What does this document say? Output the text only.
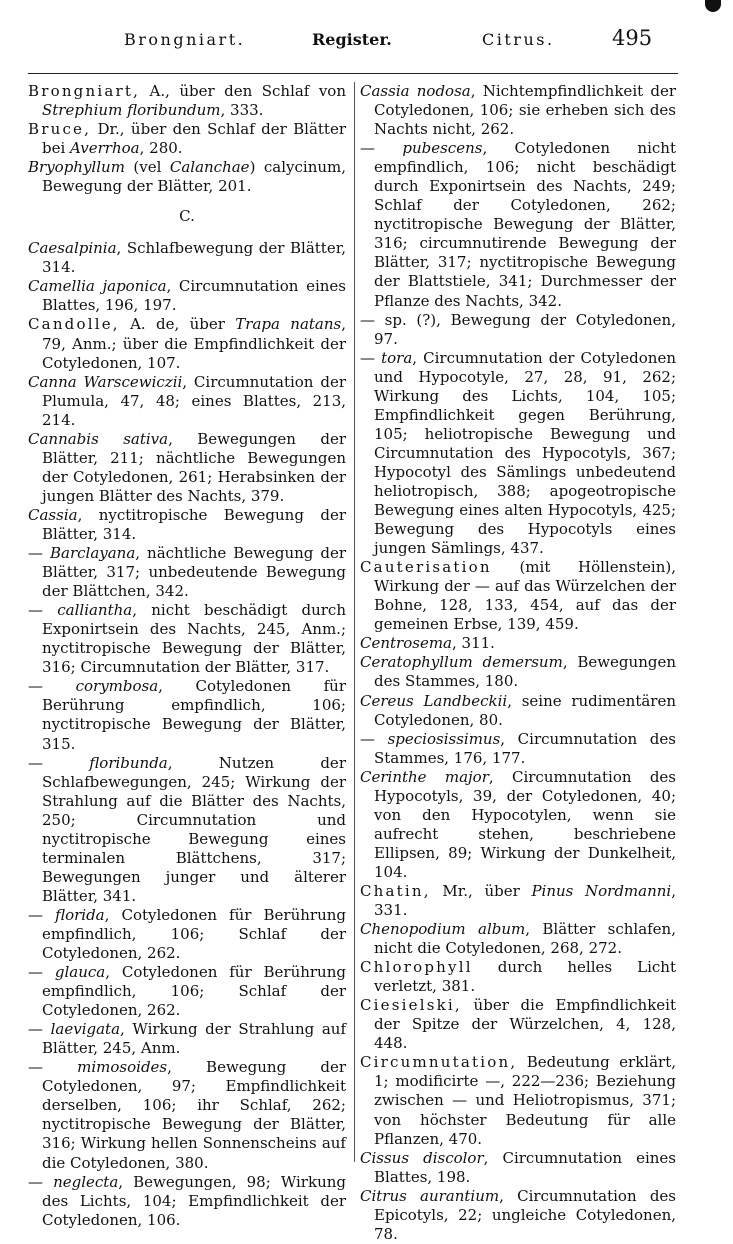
Brongniart.	Register.	Citrus.	495

Brongniart, A., über den Schlaf von Strephium floribundum, 333.

Bruce, Dr., über den Schlaf der Blätter bei Averrhoa, 280.

Bryophyllum (vel Calanchae) calycinum, Bewegung der Blätter, 201.

C.

Caesalpinia, Schlafbewegung der Blätter, 314.

Camellia japonica, Circumnutation eines Blattes, 196, 197.

Candolle, A. de, über Trapa natans, 79, Anm.; über die Empfindlichkeit der Cotyledonen, 107.

Canna Warscewiczii, Circumnutation der Plumula, 47, 48; eines Blattes, 213, 214.

Cannabis sativa, Bewegungen der Blätter, 211; nächtliche Bewegungen der Cotyledonen, 261; Herabsinken der jungen Blätter des Nachts, 379.

Cassia, nyctitropische Bewegung der Blätter, 314.

— Barclayana, nächtliche Bewegung der Blätter, 317; unbedeutende Bewegung der Blättchen, 342.

— calliantha, nicht beschädigt durch Exponirtsein des Nachts, 245, Anm.; nyctitropische Bewegung der Blätter, 316; Circumnutation der Blätter, 317.

— corymbosa, Cotyledonen für Berührung empfindlich, 106; nyctitropische Bewegung der Blätter, 315.

— floribunda, Nutzen der Schlafbewegungen, 245; Wirkung der Strahlung auf die Blätter des Nachts, 250; Circumnutation und nyctitropische Bewegung eines terminalen Blättchens, 317; Bewegungen junger und älterer Blätter, 341.

— florida, Cotyledonen für Berührung empfindlich, 106; Schlaf der Cotyledonen, 262.

— glauca, Cotyledonen für Berührung empfindlich, 106; Schlaf der Cotyledonen, 262.

— laevigata, Wirkung der Strahlung auf Blätter, 245, Anm.

— mimosoides, Bewegung der Cotyledonen, 97; Empfindlichkeit derselben, 106; ihr Schlaf, 262; nyctitropische Bewegung der Blätter, 316; Wirkung hellen Sonnenscheins auf die Cotyledonen, 380.

— neglecta, Bewegungen, 98; Wirkung des Lichts, 104; Empfindlichkeit der Cotyledonen, 106.

Cassia nodosa, Nichtempfindlichkeit der Cotyledonen, 106; sie erheben sich des Nachts nicht, 262.

— pubescens, Cotyledonen nicht empfindlich, 106; nicht beschädigt durch Exponirtsein des Nachts, 249; Schlaf der Cotyledonen, 262; nyctitropische Bewegung der Blätter, 316; circumnutirende Bewegung der Blätter, 317; nyctitropische Bewegung der Blattstiele, 341; Durchmesser der Pflanze des Nachts, 342.

— sp. (?), Bewegung der Cotyledonen, 97.

— tora, Circumnutation der Cotyledonen und Hypocotyle, 27, 28, 91, 262; Wirkung des Lichts, 104, 105; Empfindlichkeit gegen Berührung, 105; heliotropische Bewegung und Circumnutation des Hypocotyls, 367; Hypocotyl des Sämlings unbedeutend heliotropisch, 388; apogeotropische Bewegung eines alten Hypocotyls, 425; Bewegung des Hypocotyls eines jungen Sämlings, 437.

Cauterisation (mit Höllenstein), Wirkung der — auf das Würzelchen der Bohne, 128, 133, 454, auf das der gemeinen Erbse, 139, 459.

Centrosema, 311.

Ceratophyllum demersum, Bewegungen des Stammes, 180.

Cereus Landbeckii, seine rudimentären Cotyledonen, 80.

— speciosissimus, Circumnutation des Stammes, 176, 177.

Cerinthe major, Circumnutation des Hypocotyls, 39, der Cotyledonen, 40; von den Hypocotylen, wenn sie aufrecht stehen, beschriebene Ellipsen, 89; Wirkung der Dunkelheit, 104.

Chatin, Mr., über Pinus Nordmanni, 331.

Chenopodium album, Blätter schlafen, nicht die Cotyledonen, 268, 272.

Chlorophyll durch helles Licht verletzt, 381.

Ciesielski, über die Empfindlichkeit der Spitze der Würzelchen, 4, 128, 448.

Circumnutation, Bedeutung erklärt, 1; modificirte —, 222—236; Beziehung zwischen — und Heliotropismus, 371; von höchster Bedeutung für alle Pflanzen, 470.

Cissus discolor, Circumnutation eines Blattes, 198.

Citrus aurantium, Circumnutation des Epicotyls, 22; ungleiche Cotyledonen, 78.
